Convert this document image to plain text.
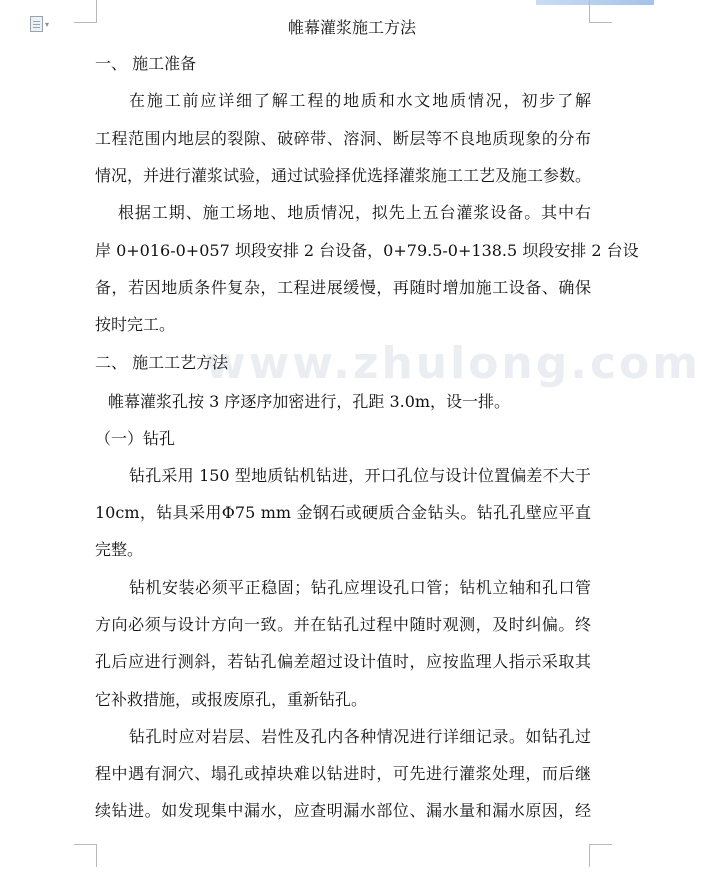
▾
www.zhulong.com
帷幕灌浆施工方法
一、 施工准备
在施工前应详细了解工程的地质和水文地质情况，初步了解
工程范围内地层的裂隙、破碎带、溶洞、断层等不良地质现象的分布
情况，并进行灌浆试验，通过试验择优选择灌浆施工工艺及施工参数。
根据工期、施工场地、地质情况，拟先上五台灌浆设备。其中右
岸 0+016-0+057 坝段安排 2 台设备，0+79.5-0+138.5 坝段安排 2 台设
备，若因地质条件复杂，工程进展缓慢，再随时增加施工设备、确保
按时完工。
二、 施工工艺方法
帷幕灌浆孔按 3 序逐序加密进行，孔距 3.0m，设一排。
（一）钻孔
钻孔采用 150 型地质钻机钻进，开口孔位与设计位置偏差不大于
10cm，钻具采用Φ75 mm 金钢石或硬质合金钻头。钻孔孔壁应平直
完整。
钻机安装必须平正稳固；钻孔应埋设孔口管；钻机立轴和孔口管
方向必须与设计方向一致。并在钻孔过程中随时观测，及时纠偏。终
孔后应进行测斜，若钻孔偏差超过设计值时，应按监理人指示采取其
它补救措施，或报废原孔，重新钻孔。
钻孔时应对岩层、岩性及孔内各种情况进行详细记录。如钻孔过
程中遇有洞穴、塌孔或掉块难以钻进时，可先进行灌浆处理，而后继
续钻进。如发现集中漏水，应查明漏水部位、漏水量和漏水原因，经
